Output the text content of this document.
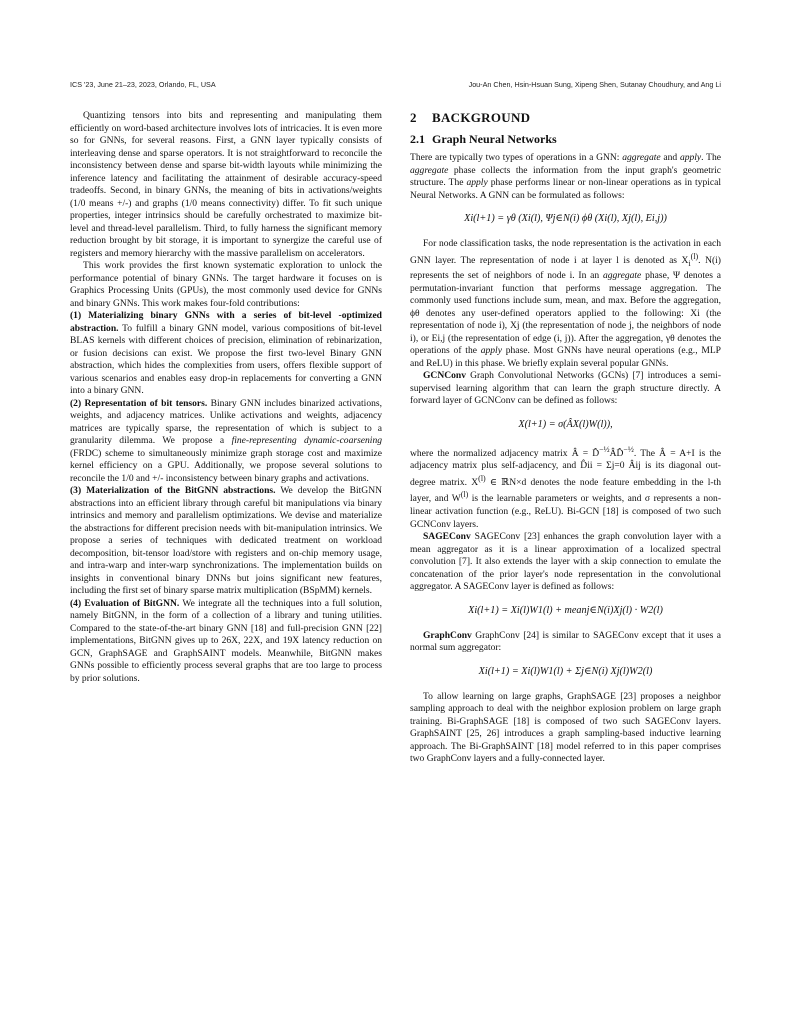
ICS '23, June 21–23, 2023, Orlando, FL, USA	Jou-An Chen, Hsin-Hsuan Sung, Xipeng Shen, Sutanay Choudhury, and Ang Li

Quantizing tensors into bits and representing and manipulating them efficiently on word-based architecture involves lots of intricacies. It is even more so for GNNs, for several reasons. First, a GNN layer typically consists of interleaving dense and sparse operators. It is not straightforward to reconcile the inconsistency between dense and sparse bit-width layouts while minimizing the inference latency and facilitating the attainment of desirable accuracy-speed tradeoffs. Second, in binary GNNs, the meaning of bits in activations/weights (1/0 means +/-) and graphs (1/0 means connectivity) differ. To fit such unique properties, integer intrinsics should be carefully orchestrated to maximize bit-level and thread-level parallelism. Third, to fully harness the significant memory reduction brought by bit storage, it is important to synergize the careful use of registers and memory hierarchy with the massive parallelism on accelerators.

This work provides the first known systematic exploration to unlock the performance potential of binary GNNs. The target hardware it focuses on is Graphics Processing Units (GPUs), the most commonly used device for GNNs and binary GNNs. This work makes four-fold contributions:

(1) Materializing binary GNNs with a series of bit-level -optimized abstraction. To fulfill a binary GNN model, various compositions of bit-level BLAS kernels with different choices of precision, elimination of rebinarization, or fusion decisions can exist. We propose the first two-level Binary GNN abstraction, which hides the complexities from users, offers flexible support of various scenarios and enables easy drop-in replacements for converting a GNN into a binary GNN.

(2) Representation of bit tensors. Binary GNN includes binarized activations, weights, and adjacency matrices. Unlike activations and weights, adjacency matrices are typically sparse, the representation of which is subject to a granularity dilemma. We propose a fine-representing dynamic-coarsening (FRDC) scheme to simultaneously minimize graph storage cost and maximize kernel efficiency on a GPU. Additionally, we propose several solutions to reconcile the 1/0 and +/- inconsistency between binary graphs and activations.

(3) Materialization of the BitGNN abstractions. We develop the BitGNN abstractions into an efficient library through careful bit manipulations via binary intrinsics and memory and parallelism optimizations. We devise and materialize the abstractions for different precision needs with bit-manipulation intrinsics. We propose a series of techniques with dedicated treatment on workload decomposition, bit-tensor load/store with registers and on-chip memory usage, and intra-warp and inter-warp synchronizations. The implementation builds on insights in conventional binary DNNs but joins significant new features, including the first set of binary sparse matrix multiplication (BSpMM) kernels.

(4) Evaluation of BitGNN. We integrate all the techniques into a full solution, namely BitGNN, in the form of a collection of a library and tuning utilities. Compared to the state-of-the-art binary GNN [18] and full-precision GNN [22] implementations, BitGNN gives up to 26X, 22X, and 19X latency reduction on GCN, GraphSAGE and GraphSAINT models. Meanwhile, BitGNN makes GNNs possible to efficiently process several graphs that are too large to process by prior solutions.

2 BACKGROUND
2.1 Graph Neural Networks

There are typically two types of operations in a GNN: aggregate and apply. The aggregate phase collects the information from the input graph's geometric structure. The apply phase performs linear or non-linear operations as in typical Neural Networks. A GNN can be formulated as follows:

Xi(l+1) = γθ (Xi(l), Ψj∈N(i) ϕθ (Xi(l), Xj(l), Ei,j))

For node classification tasks, the node representation is the activation in each GNN layer. The representation of node i at layer l is denoted as $X_i^{(l)}$. N(i) represents the set of neighbors of node i. In an aggregate phase, Ψ denotes a permutation-invariant function that performs message aggregation. The commonly used functions include sum, mean, and max. Before the aggregation, ϕθ denotes any user-defined operators applied to the following: Xi (the representation of node i), Xj (the representation of node j, the neighbors of node i), or Ei,j (the representation of edge (i, j)). After the aggregation, γθ denotes the operations of the apply phase. Most GNNs have neural operations (e.g., MLP and ReLU) in this phase. We briefly explain several popular GNNs.

GCNConv Graph Convolutional Networks (GCNs) [7] introduces a semi-supervised learning algorithm that can learn the graph structure directly. A forward layer of GCNConv can be defined as follows:

X(l+1) = σ(ÂX(l)W(l)),

where the normalized adjacency matrix Â = D̂$^{-\frac{1}{2}}$ÂD̂$^{-\frac{1}{2}}$. The Â = A+I is the adjacency matrix plus self-adjacency, and D̂ii = Σj=0 Âij is its diagonal out-degree matrix. $X^{(l)}$ ∈ ℝN×d denotes the node feature embedding in the l-th layer, and $W^{(l)}$ is the learnable parameters or weights, and σ represents a non-linear activation function (e.g., ReLU). Bi-GCN [18] is composed of two such GCNConv layers.

SAGEConv SAGEConv [23] enhances the graph convolution layer with a mean aggregator as it is a linear approximation of a localized spectral convolution [7]. It also extends the layer with a skip connection to emulate the concatenation of the prior layer's node representation in the convolutional aggregator. A SAGEConv layer is defined as follows:

Xi(l+1) = Xi(l)W1(l) + meanj∈N(i)Xj(l) · W2(l)

GraphConv GraphConv [24] is similar to SAGEConv except that it uses a normal sum aggregator:

Xi(l+1) = Xi(l)W1(l) + Σj∈N(i) Xj(l)W2(l)

To allow learning on large graphs, GraphSAGE [23] proposes a neighbor sampling approach to deal with the neighbor explosion problem on large graph training. Bi-GraphSAGE [18] is composed of two such SAGEConv layers. GraphSAINT [25, 26] introduces a graph sampling-based inductive learning approach. The Bi-GraphSAINT [18] model referred to in this paper comprises two GraphConv layers and a fully-connected layer.
